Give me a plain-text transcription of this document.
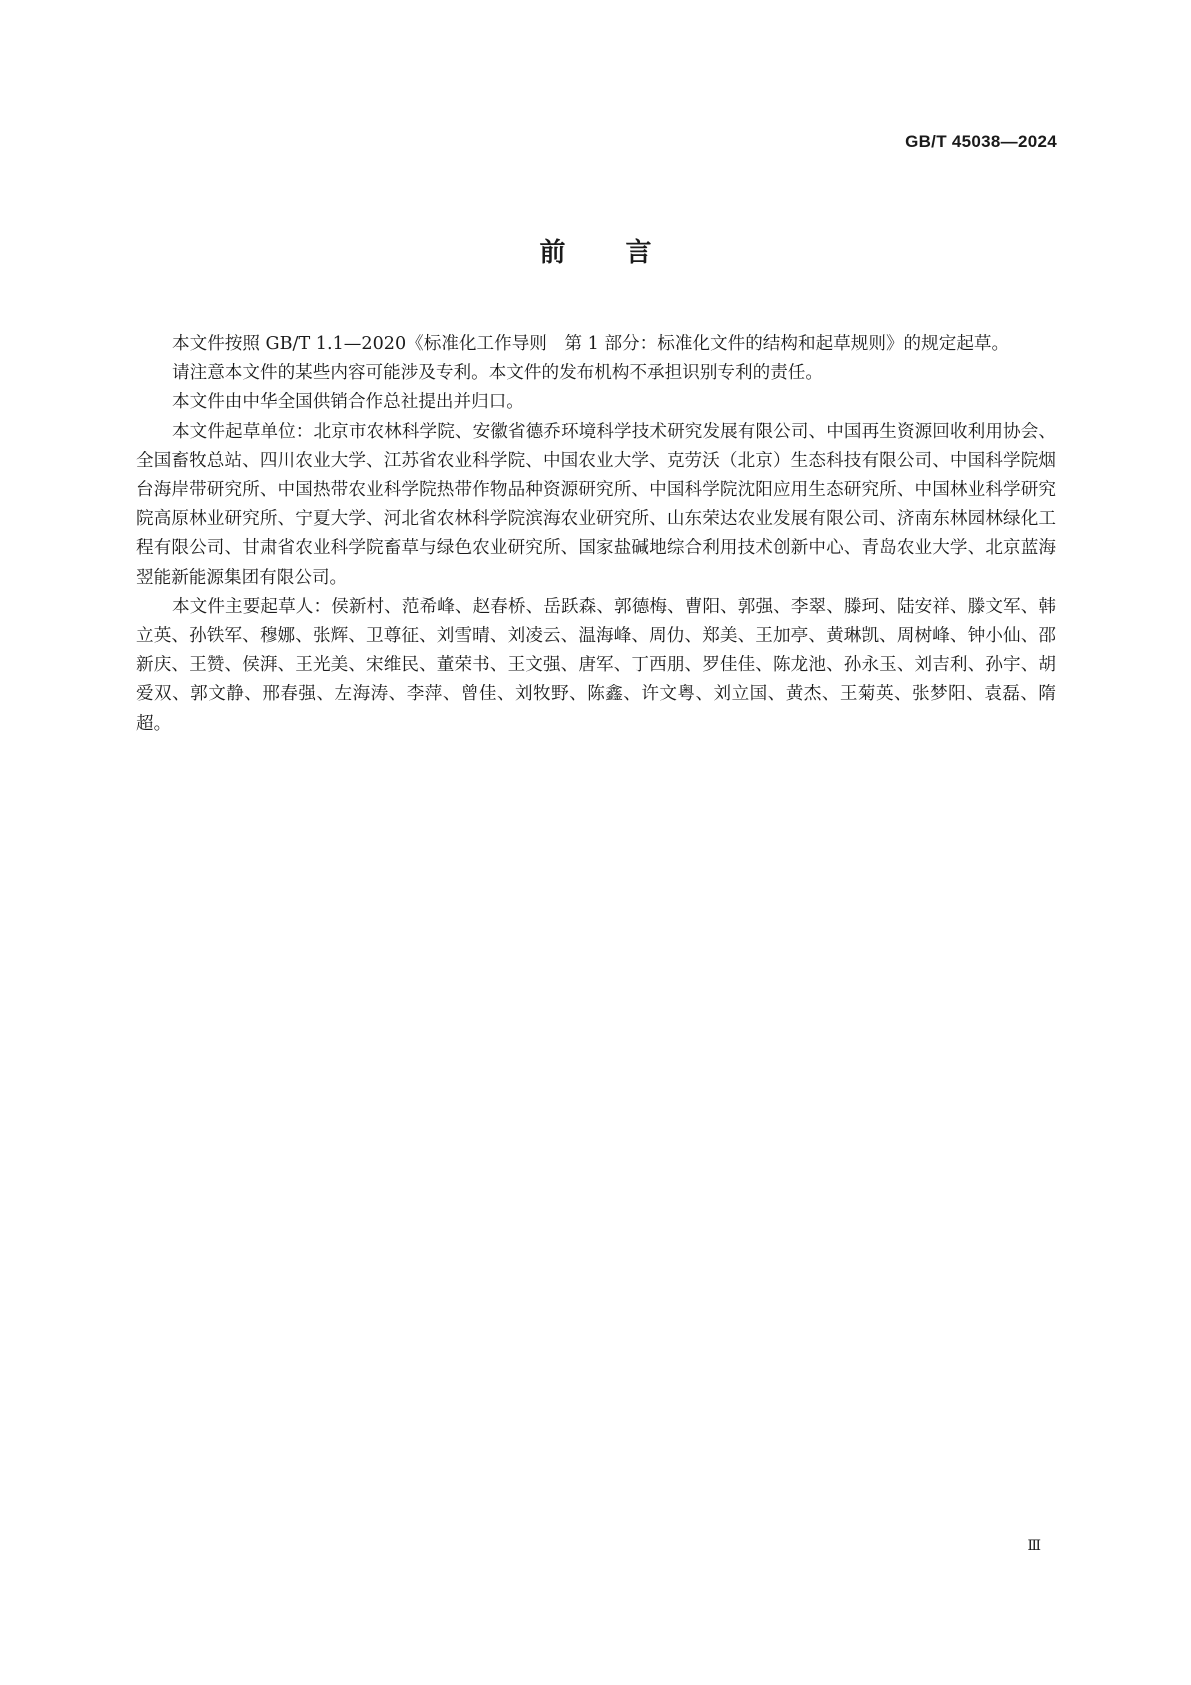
GB/T 45038—2024
前言

本文件按照 GB/T 1.1—2020《标准化工作导则　第 1 部分：标准化文件的结构和起草规则》的规定起草。

请注意本文件的某些内容可能涉及专利。本文件的发布机构不承担识别专利的责任。

本文件由中华全国供销合作总社提出并归口。

本文件起草单位：北京市农林科学院、安徽省德乔环境科学技术研究发展有限公司、中国再生资源回收利用协会、全国畜牧总站、四川农业大学、江苏省农业科学院、中国农业大学、克劳沃（北京）生态科技有限公司、中国科学院烟台海岸带研究所、中国热带农业科学院热带作物品种资源研究所、中国科学院沈阳应用生态研究所、中国林业科学研究院高原林业研究所、宁夏大学、河北省农林科学院滨海农业研究所、山东荣达农业发展有限公司、济南东林园林绿化工程有限公司、甘肃省农业科学院畜草与绿色农业研究所、国家盐碱地综合利用技术创新中心、青岛农业大学、北京蓝海翌能新能源集团有限公司。

本文件主要起草人：侯新村、范希峰、赵春桥、岳跃森、郭德梅、曹阳、郭强、李翠、滕珂、陆安祥、滕文军、韩立英、孙铁军、穆娜、张辉、卫尊征、刘雪晴、刘凌云、温海峰、周仂、郑美、王加亭、黄琳凯、周树峰、钟小仙、邵新庆、王赞、侯湃、王光美、宋维民、董荣书、王文强、唐军、丁西朋、罗佳佳、陈龙池、孙永玉、刘吉利、孙宇、胡爱双、郭文静、邢春强、左海涛、李萍、曾佳、刘牧野、陈鑫、许文粤、刘立国、黄杰、王菊英、张梦阳、袁磊、隋超。

Ⅲ
